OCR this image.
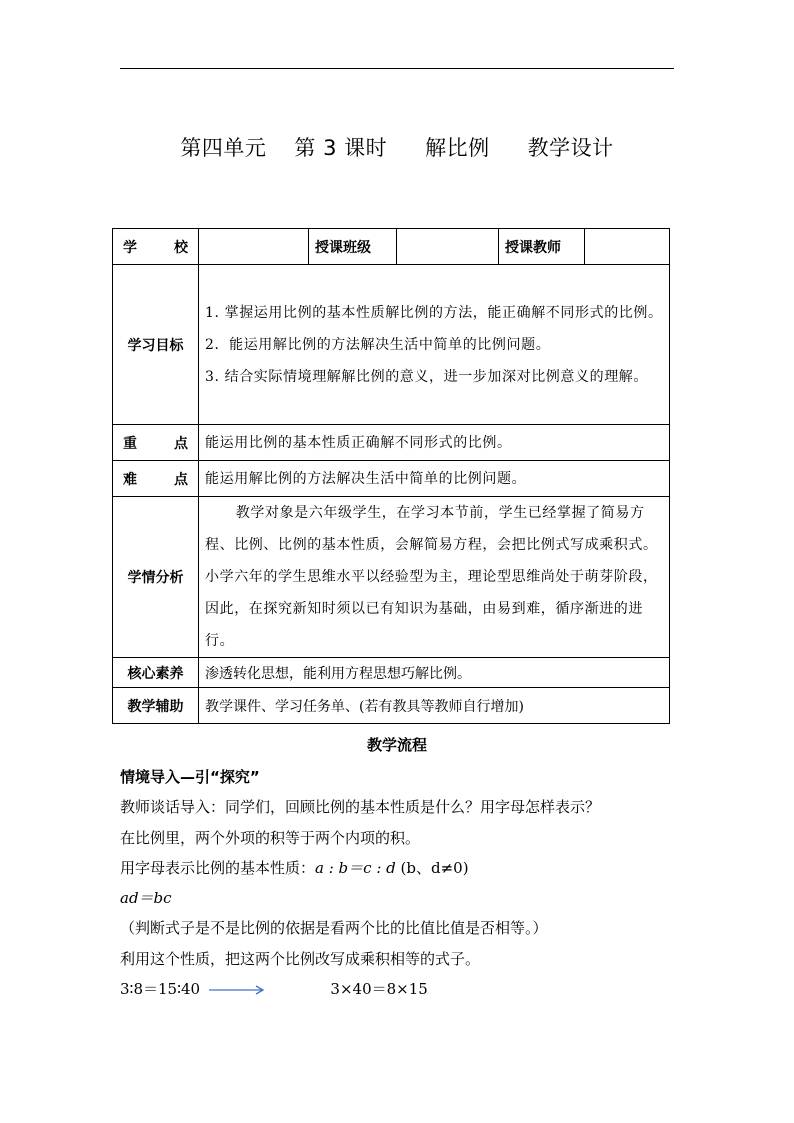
第四单元 第 3 课时 解比例 教学设计
学 校		授课班级		授课教师	

学习目标	1. 掌握运用比例的基本性质解比例的方法，能正确解不同形式的比例。
2．能运用解比例的方法解决生活中简单的比例问题。
3. 结合实际情境理解解比例的意义，进一步加深对比例意义的理解。				

重 点	能运用比例的基本性质正确解不同形式的比例。				

难 点	能运用解比例的方法解决生活中简单的比例问题。				

学情分析	教学对象是六年级学生，在学习本节前，学生已经掌握了简易方程、比例、比例的基本性质，会解简易方程，会把比例式写成乘积式。小学六年的学生思维水平以经验型为主，理论型思维尚处于萌芽阶段，因此，在探究新知时须以已有知识为基础，由易到难，循序渐进的进行。				

核心素养	渗透转化思想，能利用方程思想巧解比例。				

教学辅助	教学课件、学习任务单、(若有教具等教师自行增加)				
教学流程
情境导入—引“探究”
教师谈话导入：同学们，回顾比例的基本性质是什么？用字母怎样表示？
在比例里，两个外项的积等于两个内项的积。
用字母表示比例的基本性质：a : b＝c : d (b、d≠0)
ad＝bc
（判断式子是不是比例的依据是看两个比的比值比值是否相等。）
利用这个性质，把这两个比例改写成乘积相等的式子。
3∶8＝15∶40	3×40＝8×15
